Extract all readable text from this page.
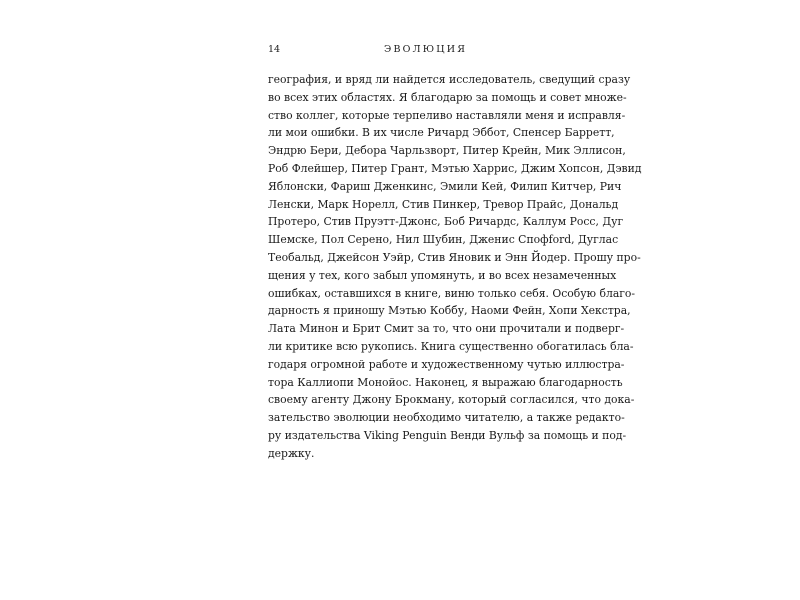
14	ЭВОЛЮЦИЯ
география, и вряд ли найдется исследователь, сведущий сразу
во всех этих областях. Я благодарю за помощь и совет множе-
ство коллег, которые терпеливо наставляли меня и исправля-
ли мои ошибки. В их числе Ричард Эббот, Спенсер Барретт,
Эндрю Бери, Дебора Чарльзворт, Питер Крейн, Мик Эллисон,
Роб Флейшер, Питер Грант, Мэтью Харрис, Джим Хопсон, Дэвид
Яблонски, Фариш Дженкинс, Эмили Кей, Филип Китчер, Рич
Ленски, Марк Норелл, Стив Пинкер, Тревор Прайс, Дональд
Протеро, Стив Пруэтт-Джонс, Боб Ричардс, Каллум Росс, Дуг
Шемске, Пол Серено, Нил Шубин, Дженис Спофford, Дуглас
Теобальд, Джейсон Уэйр, Стив Яновик и Энн Йодер. Прошу про-
щения у тех, кого забыл упомянуть, и во всех незамеченных
ошибках, оставшихся в книге, виню только себя. Особую благо-
дарность я приношу Мэтью Коббу, Наоми Фейн, Хопи Хекстра,
Лата Минон и Брит Смит за то, что они прочитали и подверг-
ли критике всю рукопись. Книга существенно обогатилась бла-
годаря огромной работе и художественному чутью иллюстра-
тора Каллиопи Монойос. Наконец, я выражаю благодарность
своему агенту Джону Брокману, который согласился, что дока-
зательство эволюции необходимо читателю, а также редакто-
ру издательства Viking Penguin Венди Вульф за помощь и под-
держку.
